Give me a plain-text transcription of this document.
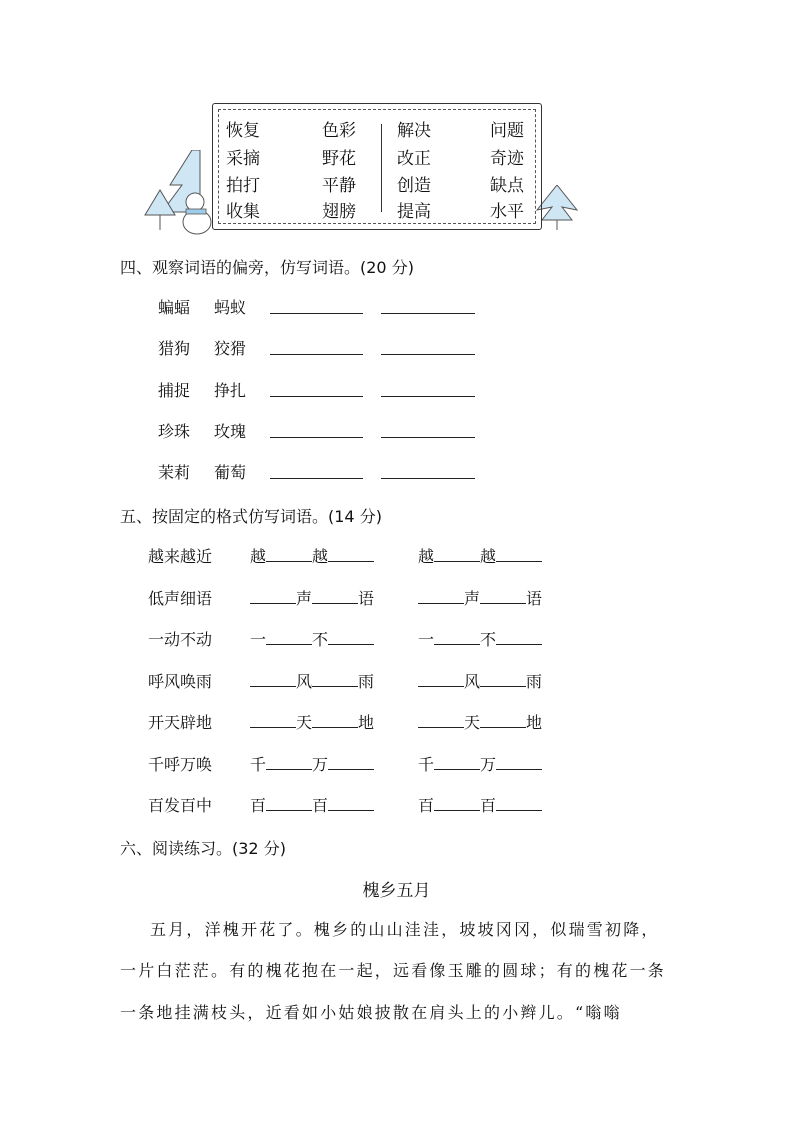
恢复	色彩 解决	问题
采摘	野花 改正	奇迹
拍打	平静 创造	缺点
收集	翅膀 提高	水平
四、观察词语的偏旁，仿写词语。(20 分)
蝙蝠 蚂蚁
猎狗 狡猾
捕捉 挣扎
珍珠 玫瑰
茉莉 葡萄
五、按固定的格式仿写词语。(14 分)
越来越近 越	越	越	越
低声细语	声	语	声	语
一动不动 一	不	一	不
呼风唤雨	风	雨	风	雨
开天辟地	天	地	天	地
千呼万唤 千	万	千	万
百发百中 百	百	百	百
六、阅读练习。(32 分)
槐乡五月
五月，洋槐开花了。槐乡的山山洼洼，坡坡冈冈，似瑞雪初降，
一片白茫茫。有的槐花抱在一起，远看像玉雕的圆球；有的槐花一条
一条地挂满枝头，近看如小姑娘披散在肩头上的小辫儿。“嗡嗡
